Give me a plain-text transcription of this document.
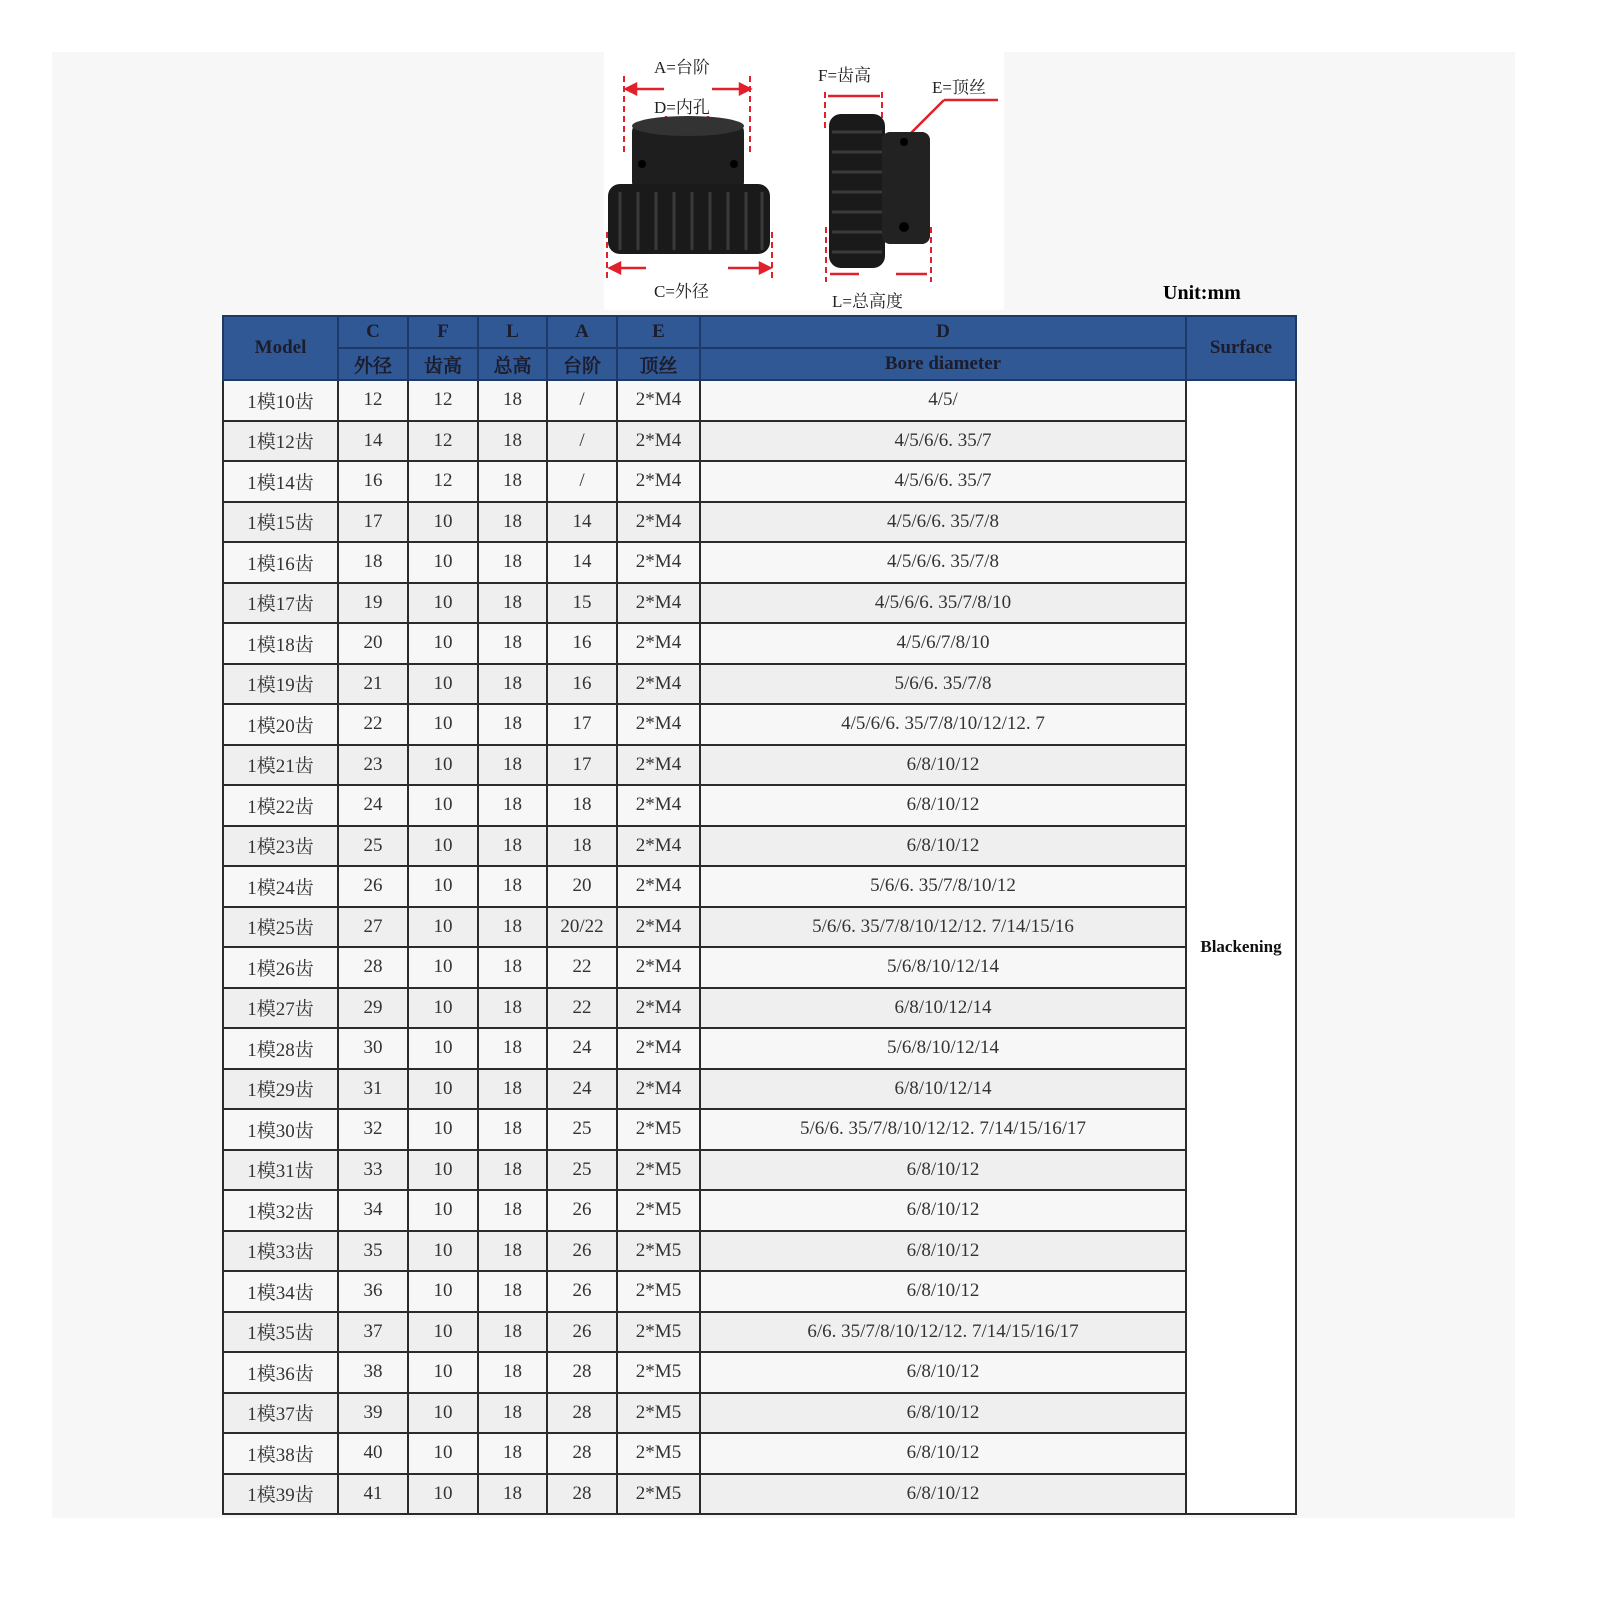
A=台阶
D=内孔
C=外径
F=齿高
E=顶丝
L=总高度	Unit:mm
Model	C	F	L	A	E	D	Surface
	外径	齿高	总高	台阶	顶丝	Bore diameter	
1模10齿	12	12	18	/	2*M4	4/5/	Blackening
1模12齿	14	12	18	/	2*M4	4/5/6/6. 35/7	
1模14齿	16	12	18	/	2*M4	4/5/6/6. 35/7	
1模15齿	17	10	18	14	2*M4	4/5/6/6. 35/7/8	
1模16齿	18	10	18	14	2*M4	4/5/6/6. 35/7/8	
1模17齿	19	10	18	15	2*M4	4/5/6/6. 35/7/8/10	
1模18齿	20	10	18	16	2*M4	4/5/6/7/8/10	
1模19齿	21	10	18	16	2*M4	5/6/6. 35/7/8	
1模20齿	22	10	18	17	2*M4	4/5/6/6. 35/7/8/10/12/12. 7	
1模21齿	23	10	18	17	2*M4	6/8/10/12	
1模22齿	24	10	18	18	2*M4	6/8/10/12	
1模23齿	25	10	18	18	2*M4	6/8/10/12	
1模24齿	26	10	18	20	2*M4	5/6/6. 35/7/8/10/12	
1模25齿	27	10	18	20/22	2*M4	5/6/6. 35/7/8/10/12/12. 7/14/15/16	
1模26齿	28	10	18	22	2*M4	5/6/8/10/12/14	
1模27齿	29	10	18	22	2*M4	6/8/10/12/14	
1模28齿	30	10	18	24	2*M4	5/6/8/10/12/14	
1模29齿	31	10	18	24	2*M4	6/8/10/12/14	
1模30齿	32	10	18	25	2*M5	5/6/6. 35/7/8/10/12/12. 7/14/15/16/17	
1模31齿	33	10	18	25	2*M5	6/8/10/12	
1模32齿	34	10	18	26	2*M5	6/8/10/12	
1模33齿	35	10	18	26	2*M5	6/8/10/12	
1模34齿	36	10	18	26	2*M5	6/8/10/12	
1模35齿	37	10	18	26	2*M5	6/6. 35/7/8/10/12/12. 7/14/15/16/17	
1模36齿	38	10	18	28	2*M5	6/8/10/12	
1模37齿	39	10	18	28	2*M5	6/8/10/12	
1模38齿	40	10	18	28	2*M5	6/8/10/12	
1模39齿	41	10	18	28	2*M5	6/8/10/12	
